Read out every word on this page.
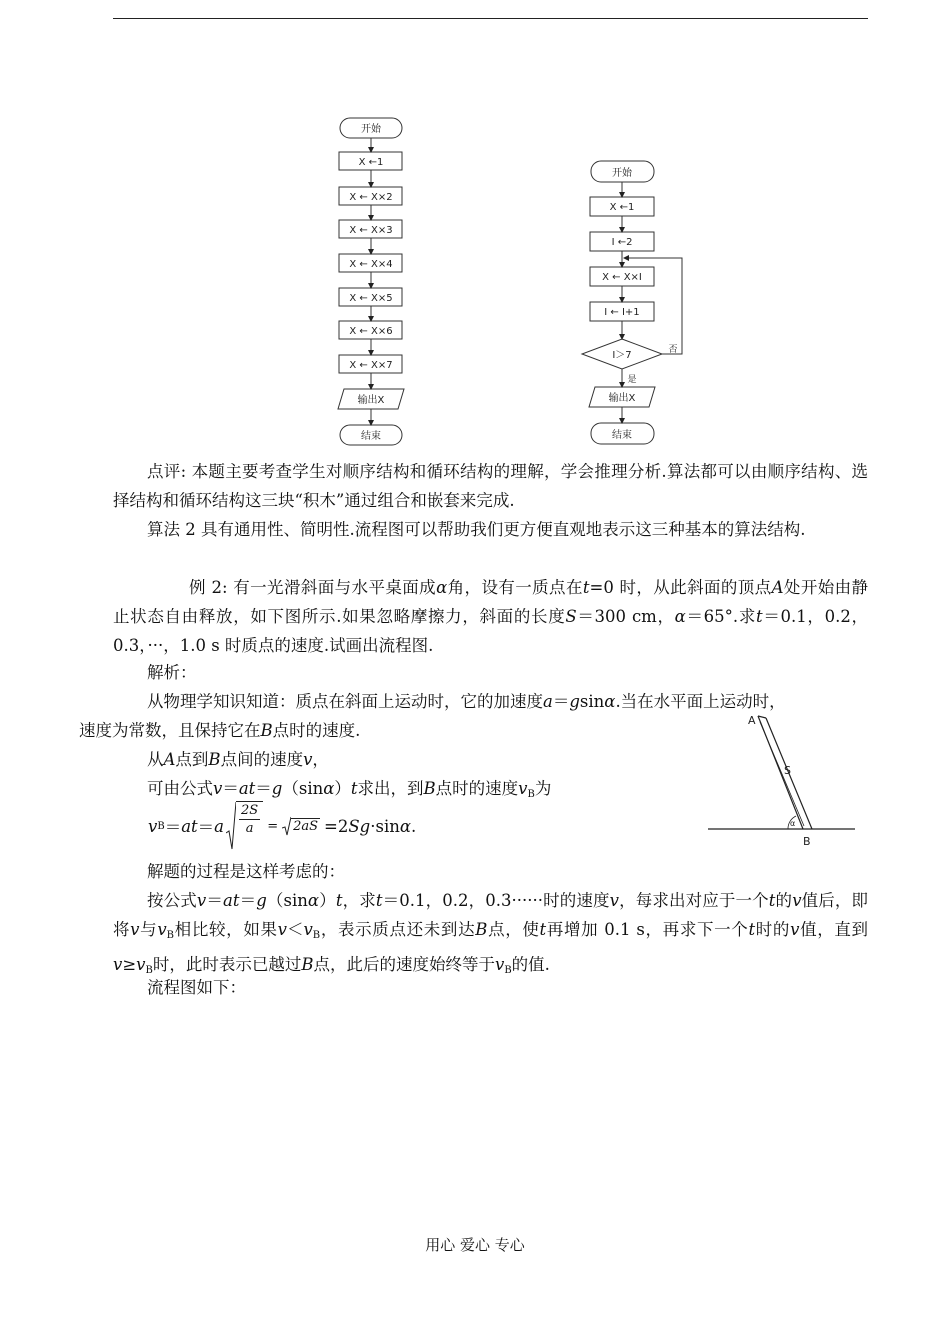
开始
X ←1
X ← X×2
X ← X×3
X ← X×4
X ← X×5
X ← X×6
X ← X×7
输出X
结束
开始
X ←1
I ←2
X ← X×I
I ← I+1
I＞7	否
是
输出X
结束

点评: 本题主要考查学生对顺序结构和循环结构的理解，学会推理分析.算法都可以由顺序结构、选择结构和循环结构这三块“积木”通过组合和嵌套来完成.

算法 2 具有通用性、简明性.流程图可以帮助我们更方便直观地表示这三种基本的算法结构.

例 2: 有一光滑斜面与水平桌面成α角，设有一质点在t=0 时，从此斜面的顶点A处开始由静止状态自由释放，如下图所示.如果忽略摩擦力，斜面的长度S＝300 cm，α＝65°.求t＝0.1，0.2，0.3，···，1.0 s 时质点的速度.试画出流程图.

解析：

从物理学知识知道：质点在斜面上运动时，它的加速度a＝gsinα.当在水平面上运动时，
速度为常数，且保持它在B点时的速度.

从A点到B点间的速度v，

可由公式v＝at＝g（sinα）t求出，到B点时的速度$v_B$为

v B ＝ at ＝ a
2S
a = 2aS =2 Sg ·sin α .

解题的过程是这样考虑的：

按公式v＝at＝g（sinα）t，求t＝0.1，0.2，0.3······时的速度v，每求出对应于一个t的v值后，即将v与$v_B$相比较，如果$v<v_B$，表示质点还未到达B点，使t再增加 0.1 s，再求下一个t时的v值，直到$v\ge v_B$时，此时表示已越过B点，此后的速度始终等于$v_B$的值.

流程图如下：

A
S
α
B
用心 爱心 专心
